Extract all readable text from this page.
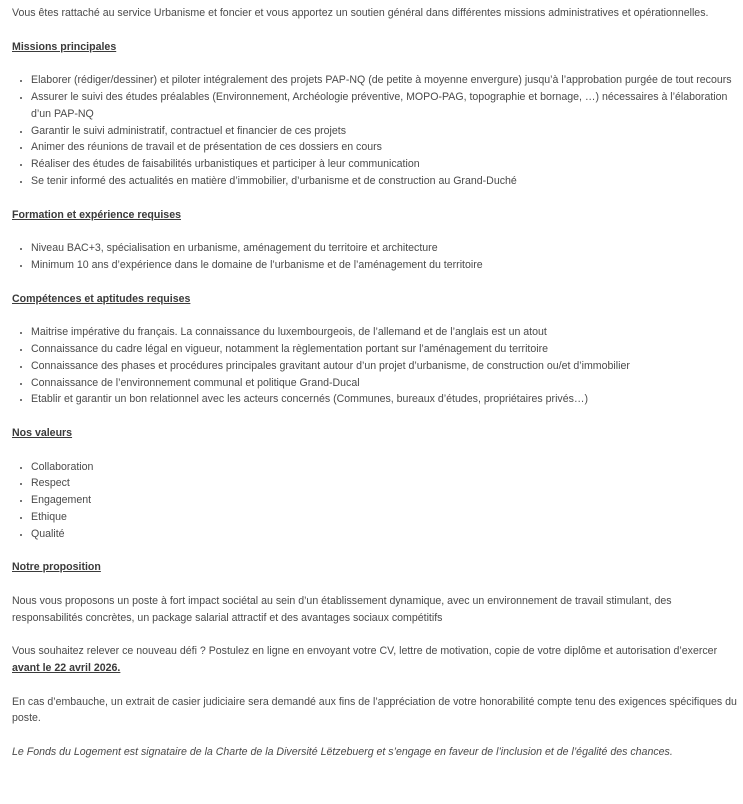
Vous êtes rattaché au service Urbanisme et foncier et vous apportez un soutien général dans différentes missions administratives et opérationnelles.

Missions principales
• Elaborer (rédiger/dessiner) et piloter intégralement des projets PAP-NQ (de petite à moyenne envergure) jusqu’à l’approbation purgée de tout recours
• Assurer le suivi des études préalables (Environnement, Archéologie préventive, MOPO-PAG, topographie et bornage, …) nécessaires à l’élaboration d’un PAP-NQ
• Garantir le suivi administratif, contractuel et financier de ces projets
• Animer des réunions de travail et de présentation de ces dossiers en cours
• Réaliser des études de faisabilités urbanistiques et participer à leur communication
• Se tenir informé des actualités en matière d’immobilier, d’urbanisme et de construction au Grand-Duché
Formation et expérience requises
• Niveau BAC+3, spécialisation en urbanisme, aménagement du territoire et architecture
• Minimum 10 ans d’expérience dans le domaine de l’urbanisme et de l’aménagement du territoire
Compétences et aptitudes requises
• Maitrise impérative du français. La connaissance du luxembourgeois, de l’allemand et de l’anglais est un atout
• Connaissance du cadre légal en vigueur, notamment la règlementation portant sur l’aménagement du territoire
• Connaissance des phases et procédures principales gravitant autour d’un projet d’urbanisme, de construction ou/et d’immobilier
• Connaissance de l’environnement communal et politique Grand-Ducal
• Etablir et garantir un bon relationnel avec les acteurs concernés (Communes, bureaux d’études, propriétaires privés…)
Nos valeurs
• Collaboration
• Respect
• Engagement
• Ethique
• Qualité
Notre proposition

Nous vous proposons un poste à fort impact sociétal au sein d’un établissement dynamique, avec un environnement de travail stimulant, des responsabilités concrètes, un package salarial attractif et des avantages sociaux compétitifs

Vous souhaitez relever ce nouveau défi ? Postulez en ligne en envoyant votre CV, lettre de motivation, copie de votre diplôme et autorisation d’exercer avant le 22 avril 2026.

En cas d’embauche, un extrait de casier judiciaire sera demandé aux fins de l’appréciation de votre honorabilité compte tenu des exigences spécifiques du poste.

Le Fonds du Logement est signataire de la Charte de la Diversité Lëtzebuerg et s’engage en faveur de l’inclusion et de l’égalité des chances.
